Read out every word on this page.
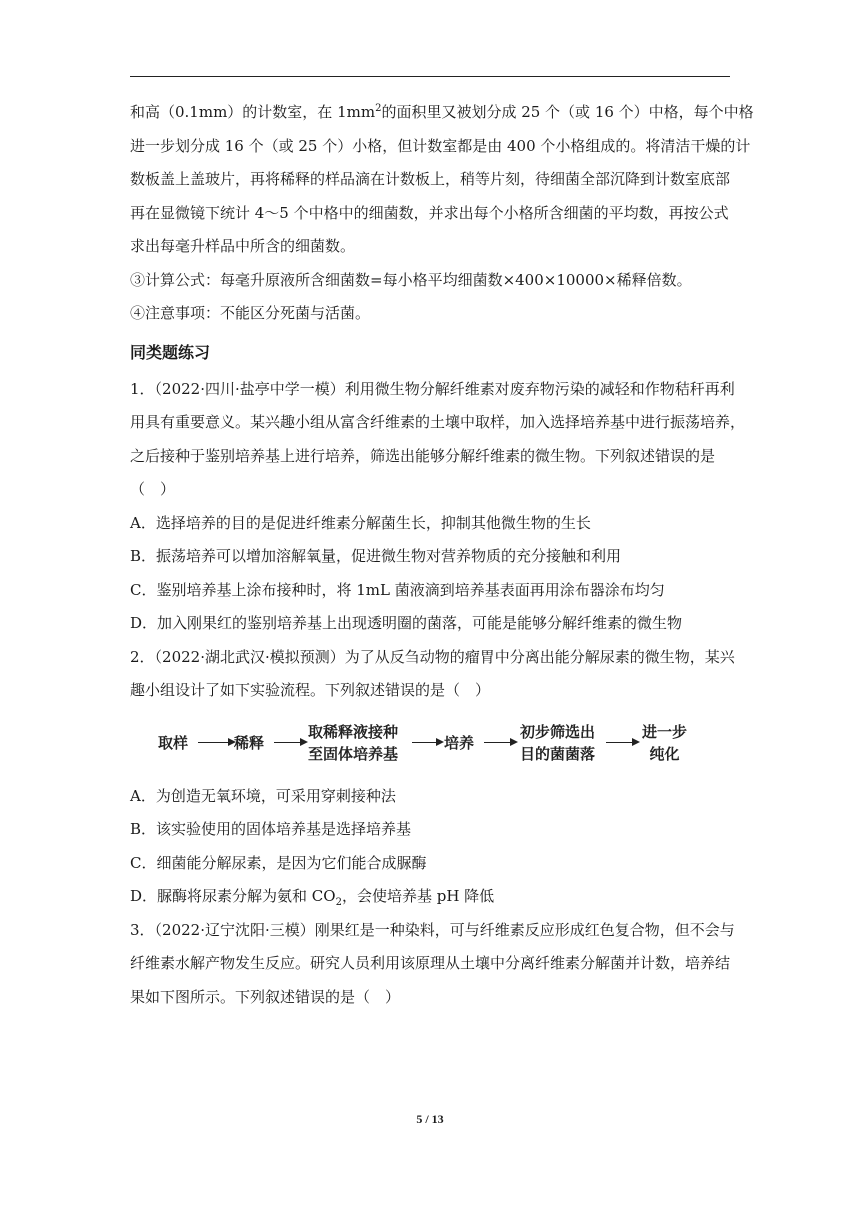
和高（0.1mm）的计数室，在 $1mm^2$的面积里又被划分成 25 个（或 16 个）中格，每个中格
进一步划分成 16 个（或 25 个）小格，但计数室都是由 400 个小格组成的。将清洁干燥的计
数板盖上盖玻片，再将稀释的样品滴在计数板上，稍等片刻，待细菌全部沉降到计数室底部
再在显微镜下统计 4～5 个中格中的细菌数，并求出每个小格所含细菌的平均数，再按公式
求出每毫升样品中所含的细菌数。
③计算公式：每毫升原液所含细菌数=每小格平均细菌数×400×10000×稀释倍数。
④注意事项：不能区分死菌与活菌。
同类题练习
1．（2022·四川·盐亭中学一模）利用微生物分解纤维素对废弃物污染的减轻和作物秸秆再利
用具有重要意义。某兴趣小组从富含纤维素的土壤中取样，加入选择培养基中进行振荡培养，
之后接种于鉴别培养基上进行培养，筛选出能够分解纤维素的微生物。下列叙述错误的是
（　）
A．选择培养的目的是促进纤维素分解菌生长，抑制其他微生物的生长
B．振荡培养可以增加溶解氧量，促进微生物对营养物质的充分接触和利用
C．鉴别培养基上涂布接种时，将 1mL 菌液滴到培养基表面再用涂布器涂布均匀
D．加入刚果红的鉴别培养基上出现透明圈的菌落，可能是能够分解纤维素的微生物
2．（2022·湖北武汉·模拟预测）为了从反刍动物的瘤胃中分离出能分解尿素的微生物，某兴
趣小组设计了如下实验流程。下列叙述错误的是（　）
取样	稀释
取稀释液接种
至固体培养基
培养
初步筛选出
目的菌菌落
进一步
纯化
A．为创造无氧环境，可采用穿刺接种法
B．该实验使用的固体培养基是选择培养基
C．细菌能分解尿素，是因为它们能合成脲酶
D．脲酶将尿素分解为氨和 $CO_2$，会使培养基 pH 降低
3．（2022·辽宁沈阳·三模）刚果红是一种染料，可与纤维素反应形成红色复合物，但不会与
纤维素水解产物发生反应。研究人员利用该原理从土壤中分离纤维素分解菌并计数，培养结
果如下图所示。下列叙述错误的是（　）
5 / 13
